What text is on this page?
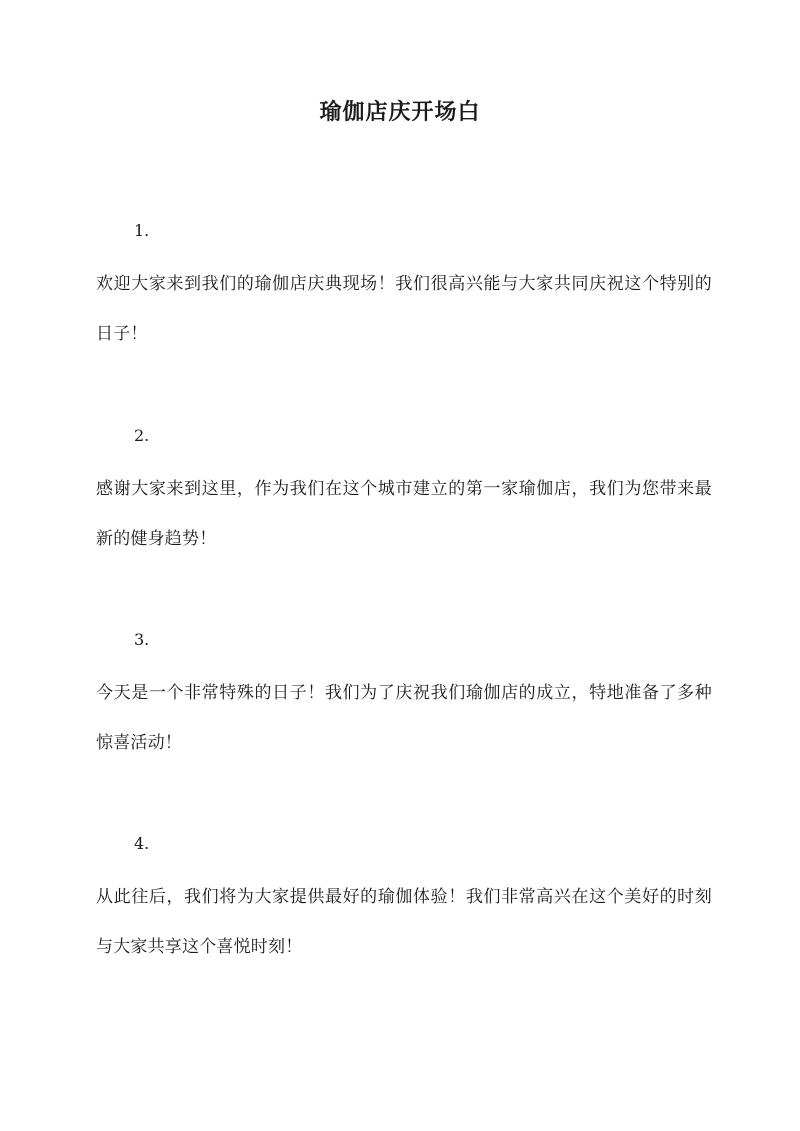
瑜伽店庆开场白
1.
欢迎大家来到我们的瑜伽店庆典现场！我们很高兴能与大家共同庆祝这个特别的日子！
2.
感谢大家来到这里，作为我们在这个城市建立的第一家瑜伽店，我们为您带来最新的健身趋势！
3.
今天是一个非常特殊的日子！我们为了庆祝我们瑜伽店的成立，特地准备了多种惊喜活动！
4.
从此往后，我们将为大家提供最好的瑜伽体验！我们非常高兴在这个美好的时刻与大家共享这个喜悦时刻！
